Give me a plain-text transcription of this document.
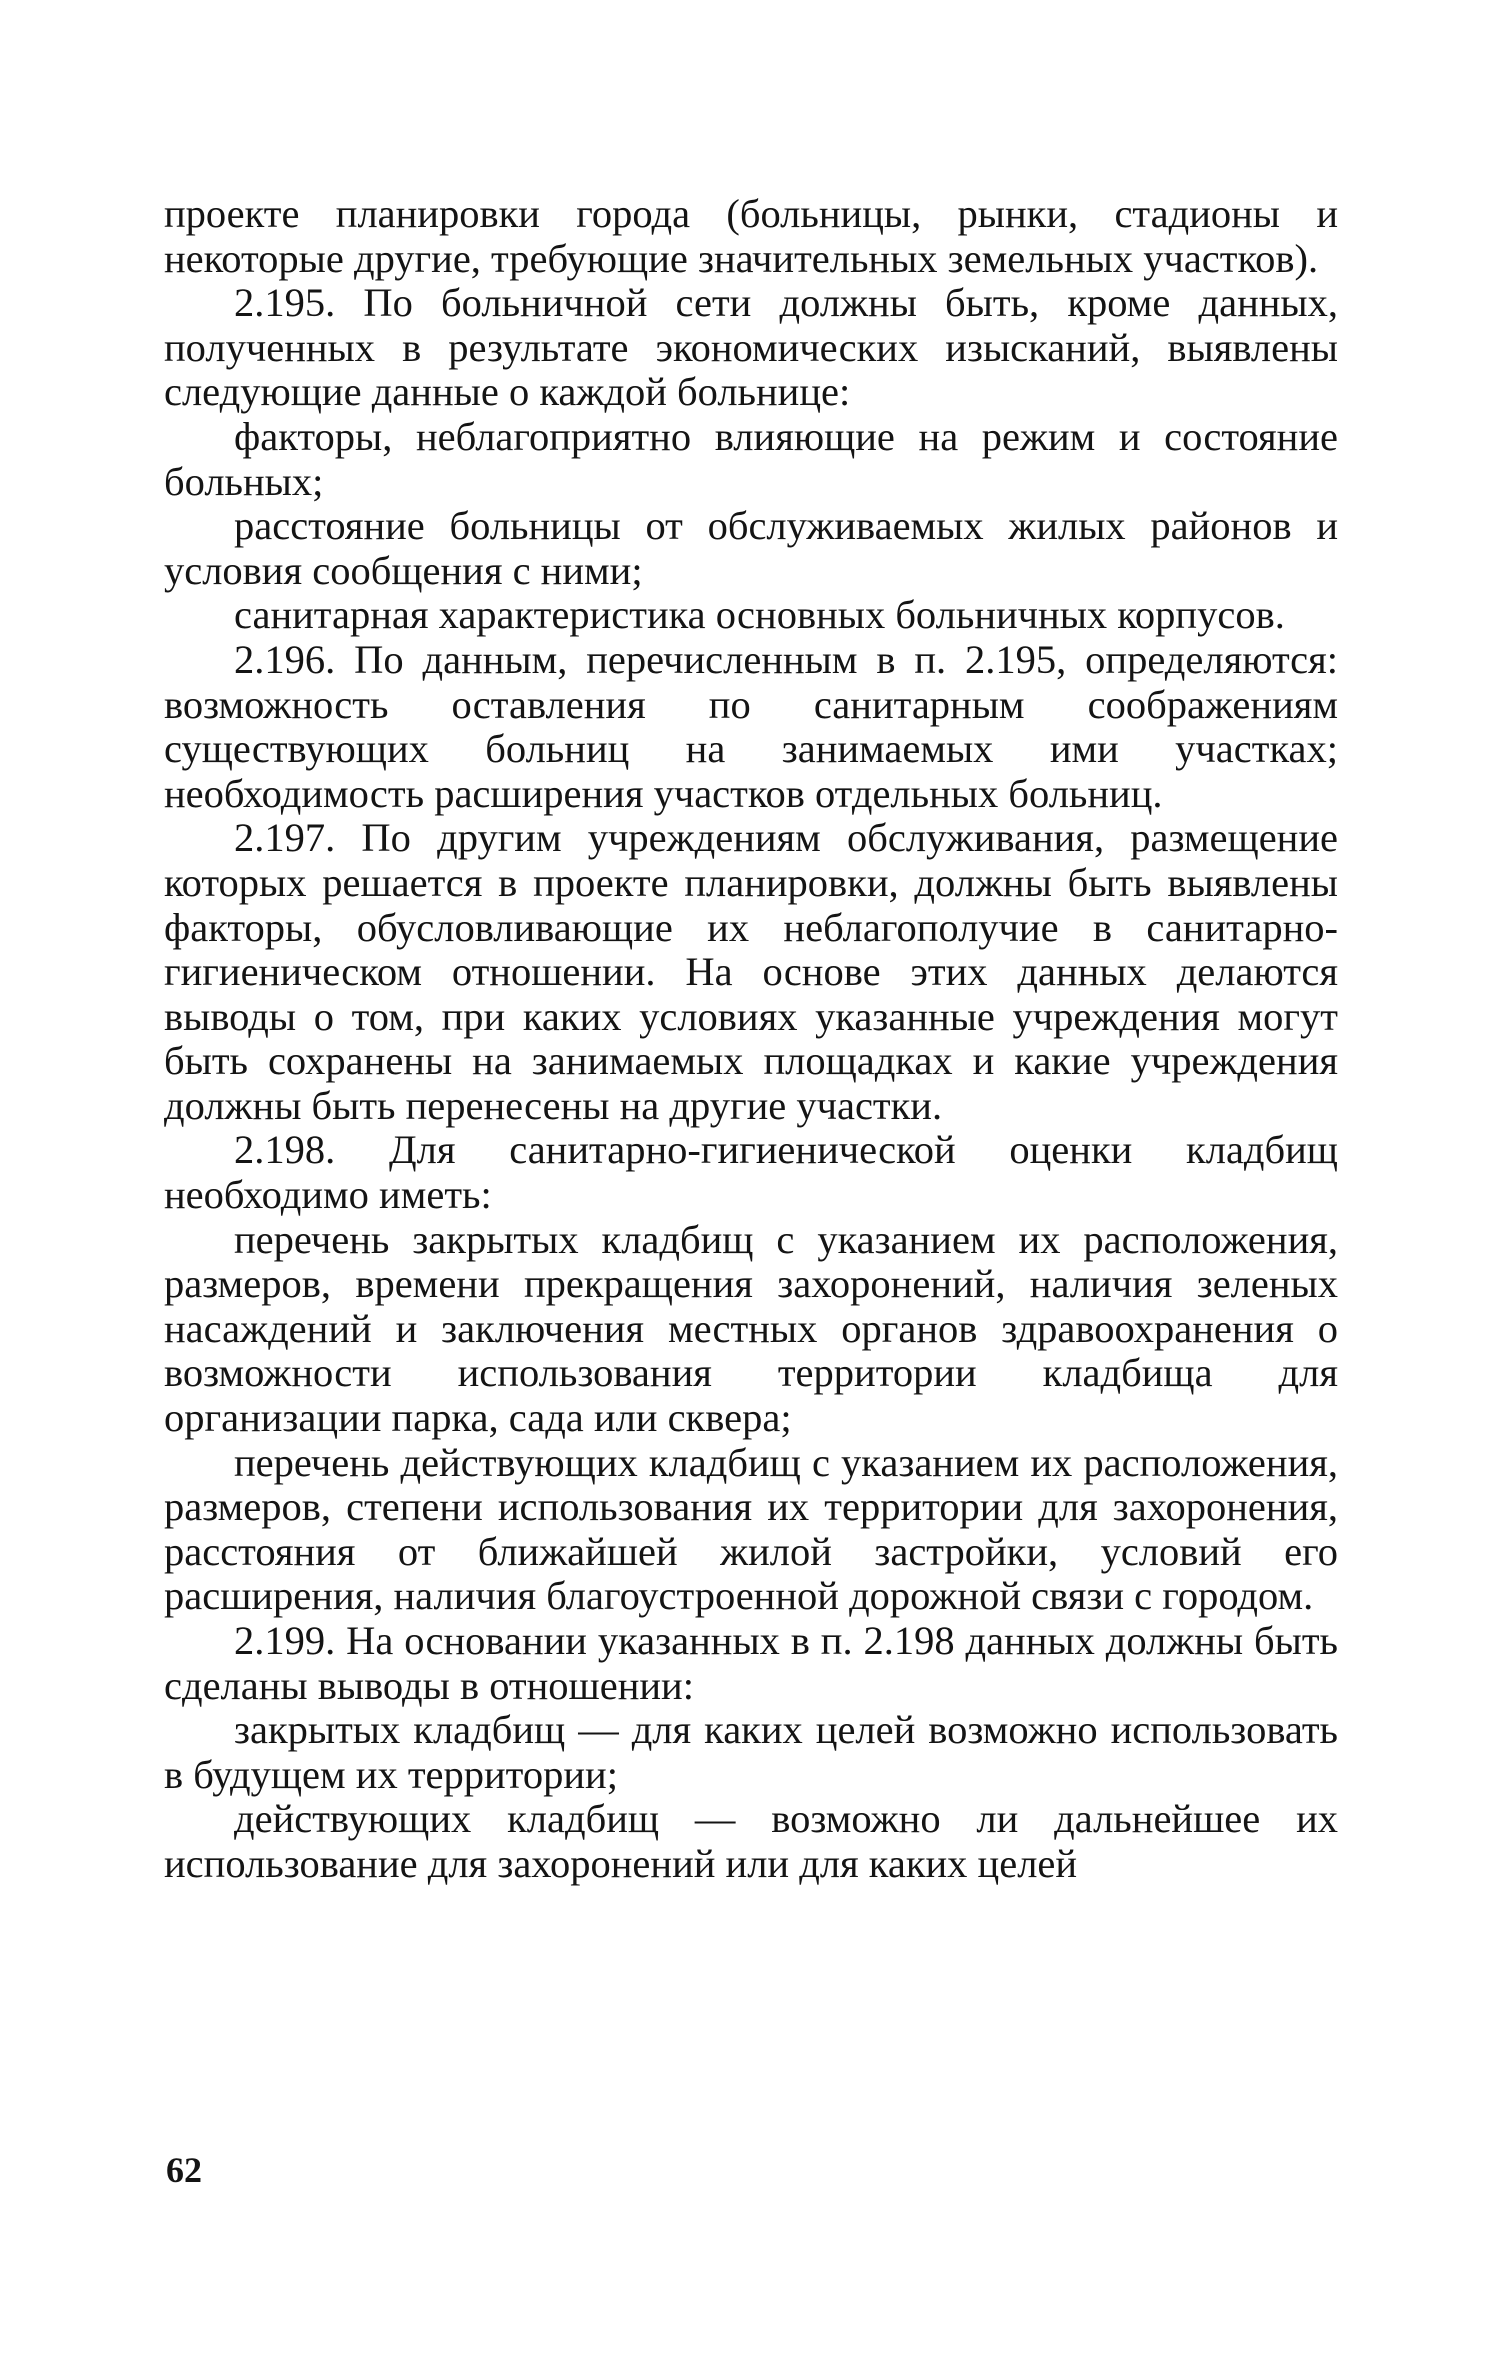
проекте планировки города (больницы, рынки, стадионы и некоторые другие, требующие значительных земельных участков).

2.195. По больничной сети должны быть, кроме данных, полученных в результате экономических изысканий, выявлены следующие данные о каждой больнице:

факторы, неблагоприятно влияющие на режим и состояние больных;

расстояние больницы от обслуживаемых жилых районов и условия сообщения с ними;

санитарная характеристика основных больничных корпусов.

2.196. По данным, перечисленным в п. 2.195, определяются: возможность оставления по санитарным соображениям существующих больниц на занимаемых ими участках; необходимость расширения участков отдельных больниц.

2.197. По другим учреждениям обслуживания, размещение которых решается в проекте планировки, должны быть выявлены факторы, обусловливающие их неблагополучие в санитарно-гигиеническом отношении. На основе этих данных делаются выводы о том, при каких условиях указанные учреждения могут быть сохранены на занимаемых площадках и какие учреждения должны быть перенесены на другие участки.

2.198. Для санитарно-гигиенической оценки кладбищ необходимо иметь:

перечень закрытых кладбищ с указанием их расположения, размеров, времени прекращения захоронений, наличия зеленых насаждений и заключения местных органов здравоохранения о возможности использования территории кладбища для организации парка, сада или сквера;

перечень действующих кладбищ с указанием их расположения, размеров, степени использования их территории для захоронения, расстояния от ближайшей жилой застройки, условий его расширения, наличия благоустроенной дорожной связи с городом.

2.199. На основании указанных в п. 2.198 данных должны быть сделаны выводы в отношении:

закрытых кладбищ — для каких целей возможно использовать в будущем их территории;

действующих кладбищ — возможно ли дальнейшее их использование для захоронений или для каких целей

62
